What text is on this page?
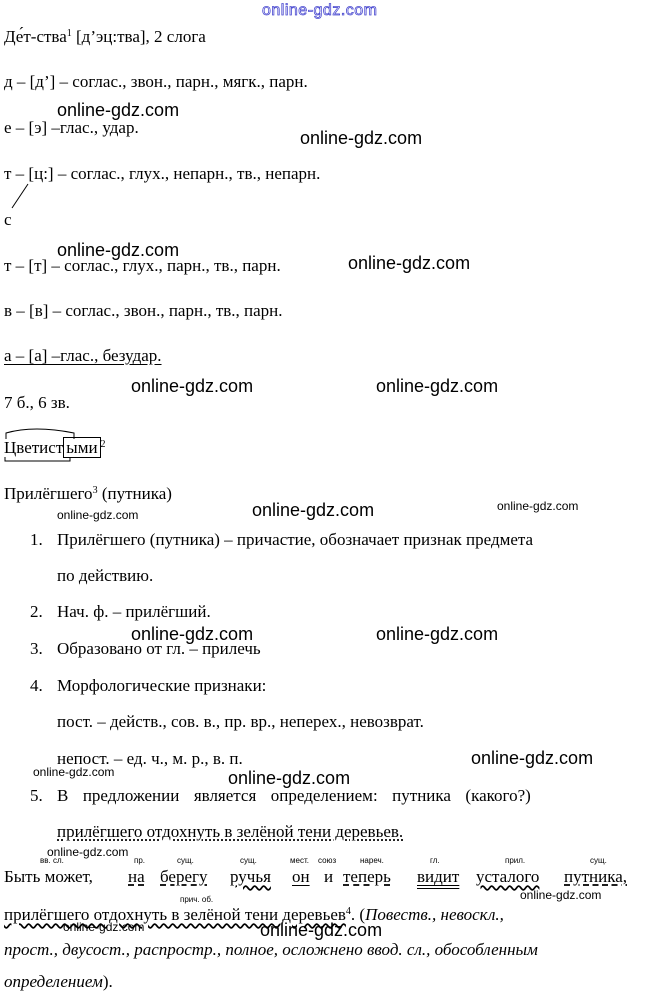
online-gdz.com
Де́т-ства$^1$ [д’эц:тва], 2 слога
д – [д’] – соглас., звон., парн., мягк., парн.
е – [э] –глас., удар.
т – [ц:] – соглас., глух., непарн., тв., непарн.
с
т – [т] – соглас., глух., парн., тв., парн.
в – [в] – соглас., звон., парн., тв., парн.
а – [а] –глас., безудар.
7 б., 6 зв.
Цветист ыми $^2$
Прилёгшего$^3$ (путника)
1. Прилёгшего (путника) – причастие, обозначает признак предмета
по действию.
2. Нач. ф. – прилёгший.
3. Образовано от гл. – прилечь
4. Морфологические признаки:
пост. – действ., сов. в., пр. вр., неперех., невозврат.
непост. – ед. ч., м. р., в. п.
5. В  предложении  является  определением:  путника  (какого?)
прилёгшего отдохнуть в зелёной тени деревьев.
вв. сл.	пр.	сущ.	сущ.	мест. союз	нареч.	гл.	прил.	сущ.
прич. об.
Быть может, на берегу ручья он и теперь видит усталого путника,
прилёгшего отдохнуть в зелёной тени деревьев$^4$. (Повеств., невоскл.,
прост., двусост., распростр., полное, осложнено ввод. сл., обособленным
определением).
online-gdz.com
online-gdz.com
online-gdz.com
online-gdz.com
online-gdz.com	online-gdz.com
online-gdz.com
online-gdz.com
online-gdz.com
online-gdz.com	online-gdz.com
online-gdz.com
online-gdz.com	online-gdz.com
online-gdz.com
online-gdz.com
online-gdz.com	online-gdz.com
